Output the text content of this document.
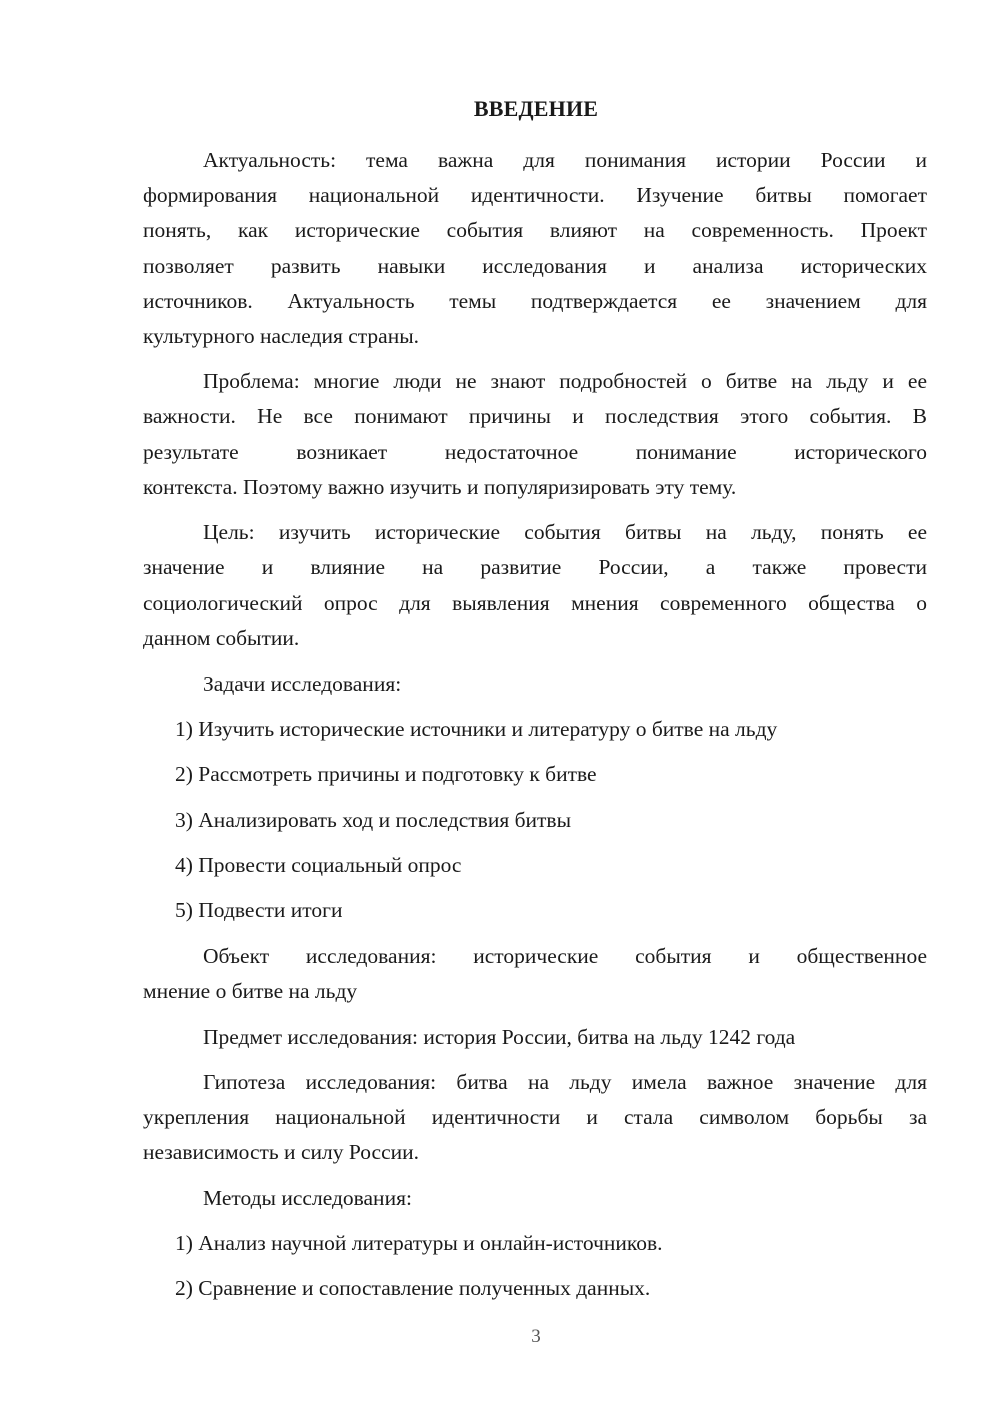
ВВЕДЕНИЕ

Актуальность: тема важна для понимания истории России и

формирования национальной идентичности. Изучение битвы помогает

понять, как исторические события влияют на современность. Проект

позволяет развить навыки исследования и анализа исторических

источников. Актуальность темы подтверждается ее значением для

культурного наследия страны.

Проблема: многие люди не знают подробностей о битве на льду и ее

важности. Не все понимают причины и последствия этого события. В

результате возникает недостаточное понимание исторического

контекста. Поэтому важно изучить и популяризировать эту тему.

Цель: изучить исторические события битвы на льду, понять ее

значение и влияние на развитие России, а также провести

социологический опрос для выявления мнения современного общества о

данном событии.

Задачи исследования:

1) Изучить исторические источники и литературу о битве на льду

2) Рассмотреть причины и подготовку к битве

3) Анализировать ход и последствия битвы

4) Провести социальный опрос

5) Подвести итоги

Объект исследования: исторические события и общественное

мнение о битве на льду

Предмет исследования: история России, битва на льду 1242 года

Гипотеза исследования: битва на льду имела важное значение для

укрепления национальной идентичности и стала символом борьбы за

независимость и силу России.

Методы исследования:

1) Анализ научной литературы и онлайн-источников.

2) Сравнение и сопоставление полученных данных.

3
